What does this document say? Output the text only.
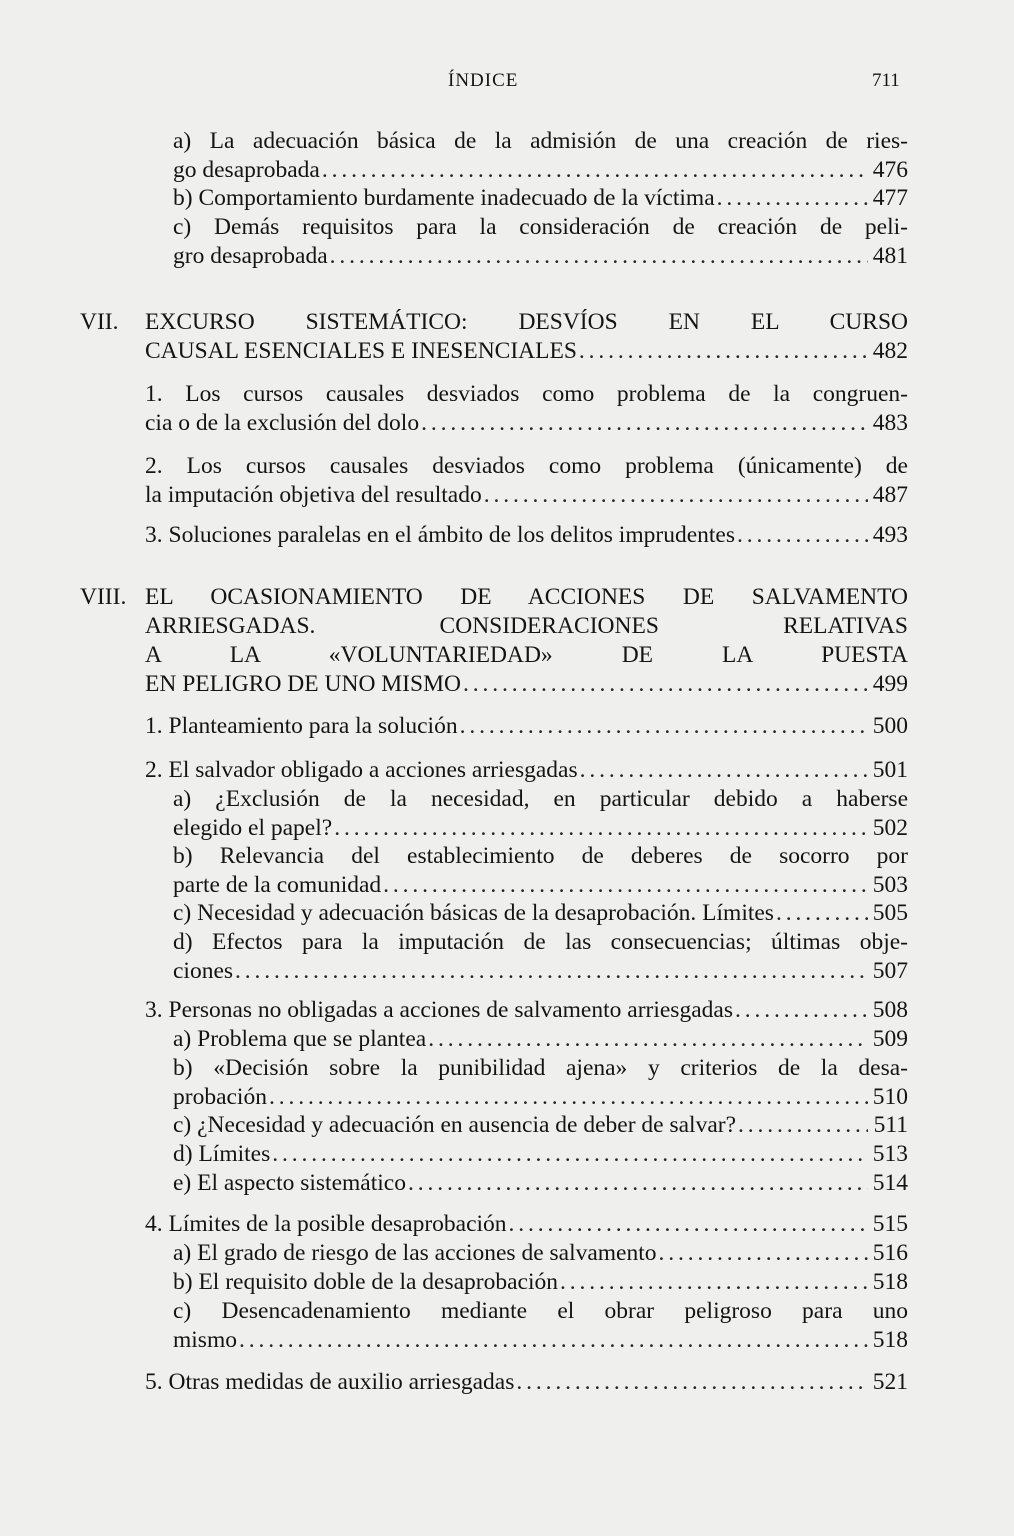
ÍNDICE	711
a) La adecuación básica de la admisión de una creación de ries-
go desaprobada . . .	476
b) Comportamiento burdamente inadecuado de la víctima . . .	477
c) Demás requisitos para la consideración de creación de peli-
gro desaprobada . . .	481
VII. EXCURSO SISTEMÁTICO: DESVÍOS EN EL CURSO
CAUSAL ESENCIALES E INESENCIALES . . .	482
1. Los cursos causales desviados como problema de la congruen-
cia o de la exclusión del dolo . . .	483
2. Los cursos causales desviados como problema (únicamente) de
la imputación objetiva del resultado . . .	487
3. Soluciones paralelas en el ámbito de los delitos imprudentes . . .	493
VIII. EL OCASIONAMIENTO DE ACCIONES DE SALVAMENTO
ARRIESGADAS. CONSIDERACIONES RELATIVAS
A LA «VOLUNTARIEDAD» DE LA PUESTA
EN PELIGRO DE UNO MISMO . . .	499
1. Planteamiento para la solución . . .	500
2. El salvador obligado a acciones arriesgadas . . .	501
a) ¿Exclusión de la necesidad, en particular debido a haberse
elegido el papel? . . .	502
b) Relevancia del establecimiento de deberes de socorro por
parte de la comunidad . . .	503
c) Necesidad y adecuación básicas de la desaprobación. Límites . . .	505
d) Efectos para la imputación de las consecuencias; últimas obje-
ciones . . .	507
3. Personas no obligadas a acciones de salvamento arriesgadas . . .	508
a) Problema que se plantea . . .	509
b) «Decisión sobre la punibilidad ajena» y criterios de la desa-
probación . . .	510
c) ¿Necesidad y adecuación en ausencia de deber de salvar? . . .	511
d) Límites . . .	513
e) El aspecto sistemático . . .	514
4. Límites de la posible desaprobación . . .	515
a) El grado de riesgo de las acciones de salvamento . . .	516
b) El requisito doble de la desaprobación . . .	518
c) Desencadenamiento mediante el obrar peligroso para uno
mismo . . .	518
5. Otras medidas de auxilio arriesgadas . . .	521
